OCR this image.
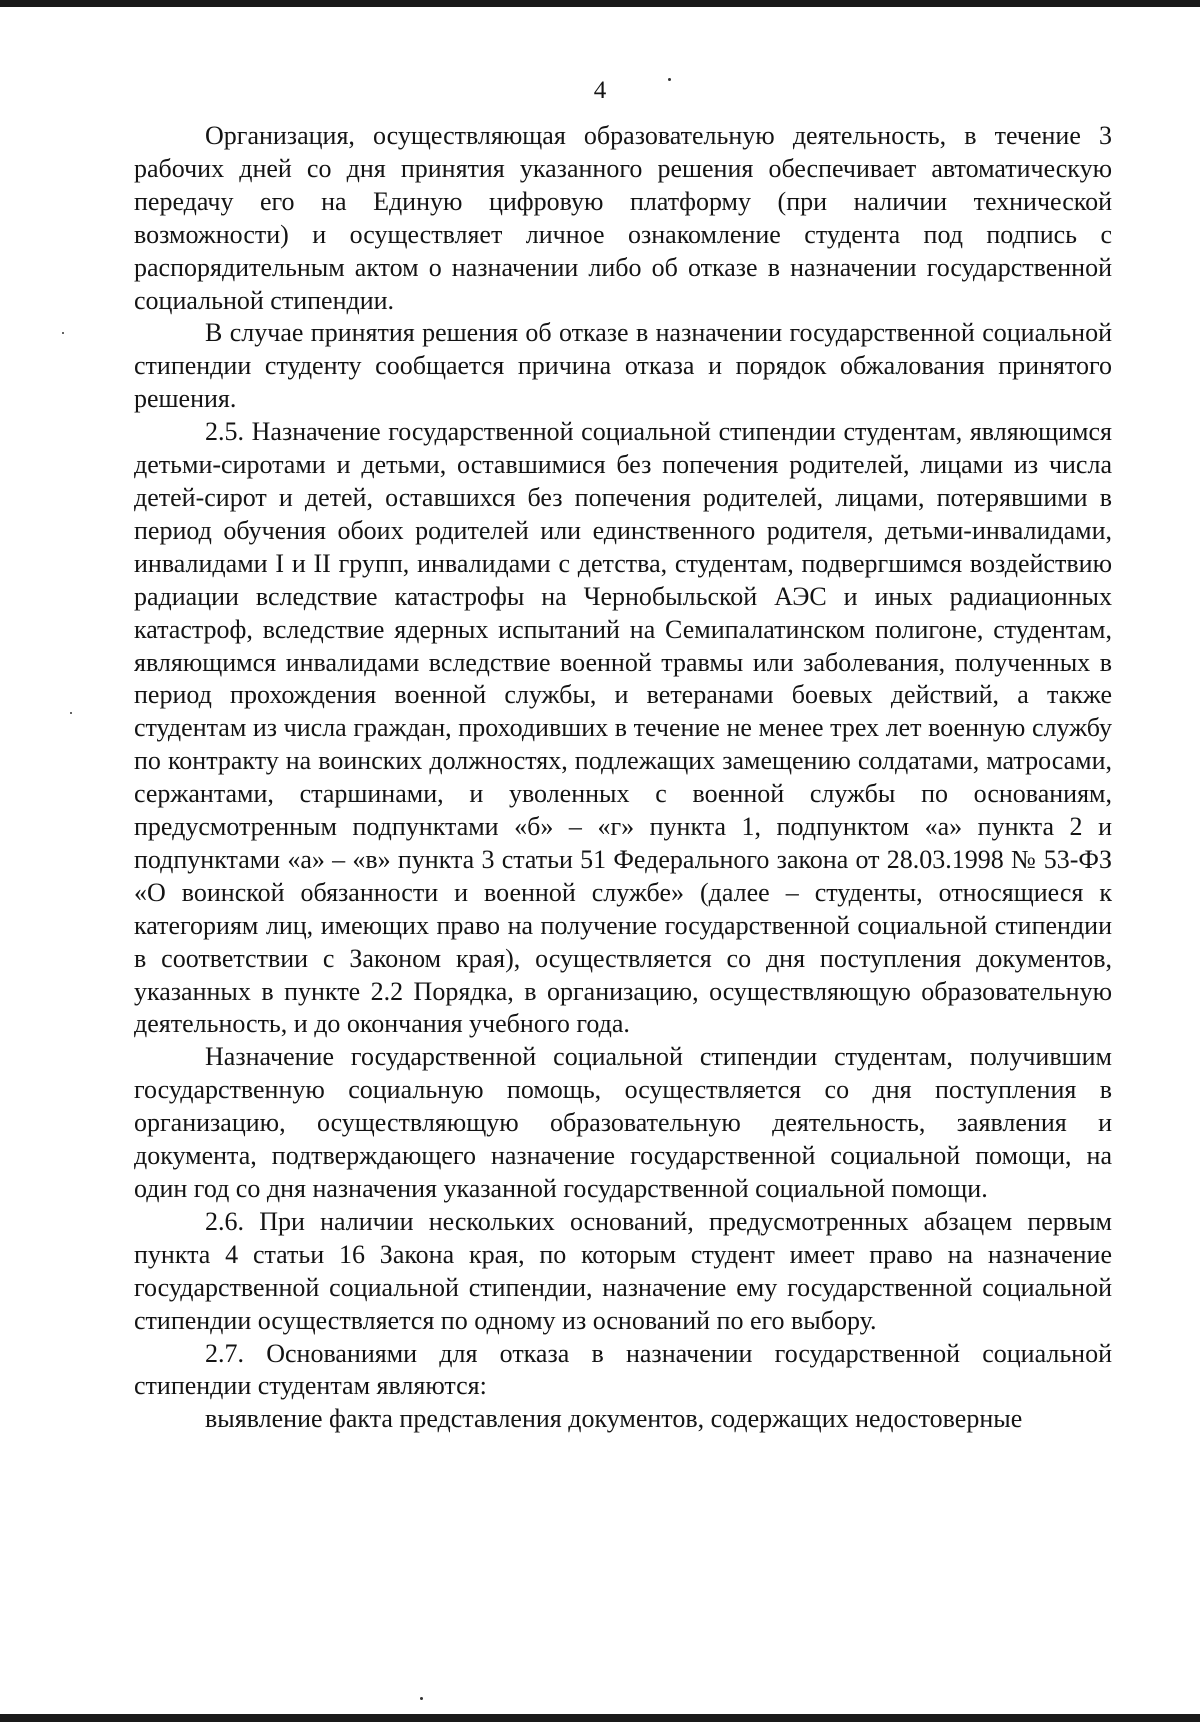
4

Организация, осуществляющая образовательную деятельность, в течение 3 рабочих дней со дня принятия указанного решения обеспечивает автоматическую передачу его на Единую цифровую платформу (при наличии технической возможности) и осуществляет личное ознакомление студента под подпись с распорядительным актом о назначении либо об отказе в назначении государственной социальной стипендии.

В случае принятия решения об отказе в назначении государственной социальной стипендии студенту сообщается причина отказа и порядок обжалования принятого решения.

2.5. Назначение государственной социальной стипендии студентам, являющимся детьми-сиротами и детьми, оставшимися без попечения родителей, лицами из числа детей-сирот и детей, оставшихся без попечения родителей, лицами, потерявшими в период обучения обоих родителей или единственного родителя, детьми-инвалидами, инвалидами I и II групп, инвалидами с детства, студентам, подвергшимся воздействию радиации вследствие катастрофы на Чернобыльской АЭС и иных радиационных катастроф, вследствие ядерных испытаний на Семипалатинском полигоне, студентам, являющимся инвалидами вследствие военной травмы или заболевания, полученных в период прохождения военной службы, и ветеранами боевых действий, а также студентам из числа граждан, проходивших в течение не менее трех лет военную службу по контракту на воинских должностях, подлежащих замещению солдатами, матросами, сержантами, старшинами, и уволенных с военной службы по основаниям, предусмотренным подпунктами «б» – «г» пункта 1, подпунктом «а» пункта 2 и подпунктами «а» – «в» пункта 3 статьи 51 Федерального закона от 28.03.1998 № 53-ФЗ «О воинской обязанности и военной службе» (далее – студенты, относящиеся к категориям лиц, имеющих право на получение государственной социальной стипендии в соответствии с Законом края), осуществляется со дня поступления документов, указанных в пункте 2.2 Порядка, в организацию, осуществляющую образовательную деятельность, и до окончания учебного года.

Назначение государственной социальной стипендии студентам, получившим государственную социальную помощь, осуществляется со дня поступления в организацию, осуществляющую образовательную деятельность, заявления и документа, подтверждающего назначение государственной социальной помощи, на один год со дня назначения указанной государственной социальной помощи.

2.6. При наличии нескольких оснований, предусмотренных абзацем первым пункта 4 статьи 16 Закона края, по которым студент имеет право на назначение государственной социальной стипендии, назначение ему государственной социальной стипендии осуществляется по одному из оснований по его выбору.

2.7. Основаниями для отказа в назначении государственной социальной стипендии студентам являются:

выявление факта представления документов, содержащих недостоверные
